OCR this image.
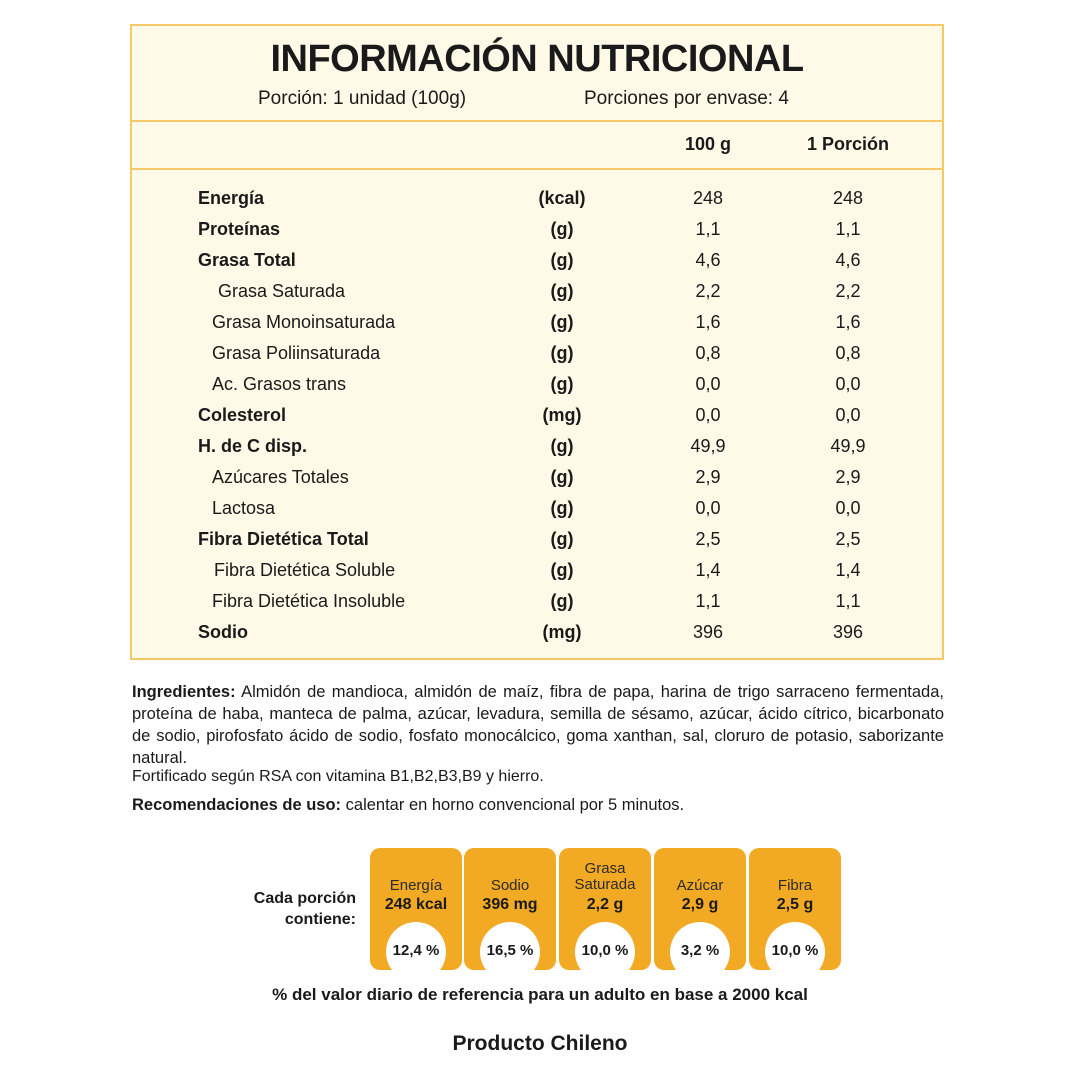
INFORMACIÓN NUTRICIONAL
Porción: 1 unidad (100g)	Porciones por envase: 4
100 g	1 Porción
Energía	(kcal)	248	248
Proteínas	(g)	1,1	1,1
Grasa Total	(g)	4,6	4,6
Grasa Saturada	(g)	2,2	2,2
Grasa Monoinsaturada	(g)	1,6	1,6
Grasa Poliinsaturada	(g)	0,8	0,8
Ac. Grasos trans	(g)	0,0	0,0
Colesterol	(mg)	0,0	0,0
H. de C disp.	(g)	49,9	49,9
Azúcares Totales	(g)	2,9	2,9
Lactosa	(g)	0,0	0,0
Fibra Dietética Total	(g)	2,5	2,5
Fibra Dietética Soluble	(g)	1,4	1,4
Fibra Dietética Insoluble	(g)	1,1	1,1
Sodio	(mg)	396	396
Ingredientes: Almidón de mandioca, almidón de maíz, fibra de papa, harina de trigo sarraceno fermentada, proteína de haba, manteca de palma, azúcar, levadura, semilla de sésamo, azúcar, ácido cítrico, bicarbonato de sodio, pirofosfato ácido de sodio, fosfato monocálcico, goma xanthan, sal, cloruro de potasio, saborizante natural.
Fortificado según RSA con vitamina B1,B2,B3,B9 y hierro.
Recomendaciones de uso: calentar en horno convencional por 5 minutos.
Cada porción
contiene:
Energía
248 kcal
12,4 %
Sodio
396 mg
16,5 %
Grasa
Saturada
2,2 g
10,0 %
Azúcar
2,9 g
3,2 %
Fibra
2,5 g
10,0 %
% del valor diario de referencia para un adulto en base a 2000 kcal
Producto Chileno
